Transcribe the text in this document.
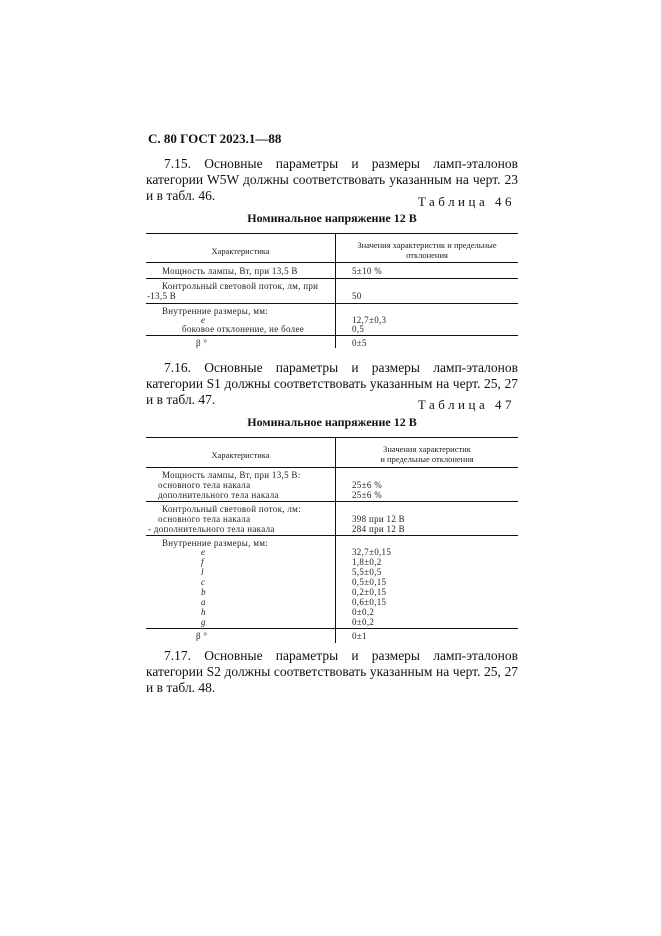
С. 80 ГОСТ 2023.1—88
7.15. Основные параметры и размеры ламп-эталонов категории W5W должны соответствовать указанным на черт. 23 и в табл. 46.	Таблица 46
Номинальное напряжение 12 В
Характеристика
Значения характеристик и предельные отклонения
Мощность лампы, Вт, при 13,5 В	5±10 %
Контрольный световой поток, лм, при
-13,5 В	50
Внутренние размеры, мм:
e	12,7±0,3
боковое отклонение, не более	0,5
β °	0±5
7.16. Основные параметры и размеры ламп-эталонов категории S1 должны соответствовать указанным на черт. 25, 27 и в табл. 47.	Таблица 47
Номинальное напряжение 12 В
Характеристика
Значения характеристик
и предельные отклонения
Мощность лампы, Вт, при 13,5 В:
основного тела накала	25±6 %
дополнительного тела накала	25±6 %
Контрольный световой поток, лм:
основного тела накала	398 при 12 В
- дополнительного тела накала	284 при 12 В
Внутренние размеры, мм:
e	32,7±0,15
f	1,8±0,2
l	5,5±0,5
c	0,5±0,15
b	0,2±0,15
a	0,6±0,15
h	0±0,2
g	0±0,2
β °	0±1
7.17. Основные параметры и размеры ламп-эталонов категории S2 должны соответствовать указанным на черт. 25, 27 и в табл. 48.
